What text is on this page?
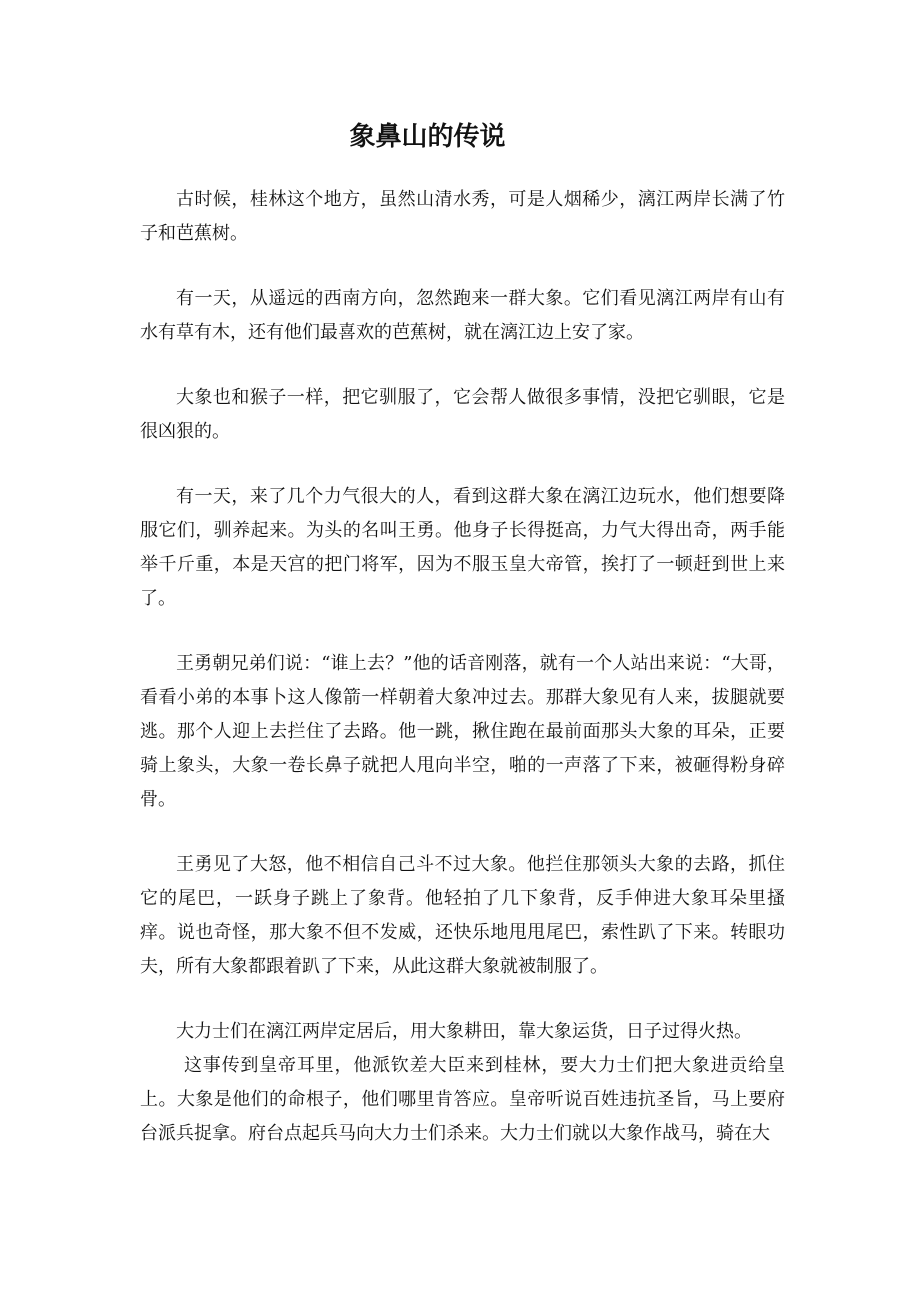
象鼻山的传说

古时候，桂林这个地方，虽然山清水秀，可是人烟稀少，漓江两岸长满了竹子和芭蕉树。

有一天，从遥远的西南方向，忽然跑来一群大象。它们看见漓江两岸有山有水有草有木，还有他们最喜欢的芭蕉树，就在漓江边上安了家。

大象也和猴子一样，把它驯服了，它会帮人做很多事情，没把它驯眼，它是很凶狠的。

有一天，来了几个力气很大的人，看到这群大象在漓江边玩水，他们想要降服它们，驯养起来。为头的名叫王勇。他身子长得挺高，力气大得出奇，两手能举千斤重，本是天宫的把门将军，因为不服玉皇大帝管，挨打了一顿赶到世上来了。

王勇朝兄弟们说：“谁上去？”他的话音刚落，就有一个人站出来说：“大哥，看看小弟的本事卜这人像箭一样朝着大象冲过去。那群大象见有人来，拔腿就要逃。那个人迎上去拦住了去路。他一跳，揪住跑在最前面那头大象的耳朵，正要骑上象头，大象一卷长鼻子就把人甩向半空，啪的一声落了下来，被砸得粉身碎骨。

王勇见了大怒，他不相信自己斗不过大象。他拦住那领头大象的去路，抓住它的尾巴，一跃身子跳上了象背。他轻拍了几下象背，反手伸进大象耳朵里搔痒。说也奇怪，那大象不但不发威，还快乐地甩甩尾巴，索性趴了下来。转眼功夫，所有大象都跟着趴了下来，从此这群大象就被制服了。

大力士们在漓江两岸定居后，用大象耕田，靠大象运货，日子过得火热。

这事传到皇帝耳里，他派钦差大臣来到桂林，要大力士们把大象进贡给皇上。大象是他们的命根子，他们哪里肯答应。皇帝听说百姓违抗圣旨，马上要府台派兵捉拿。府台点起兵马向大力士们杀来。大力士们就以大象作战马，骑在大
